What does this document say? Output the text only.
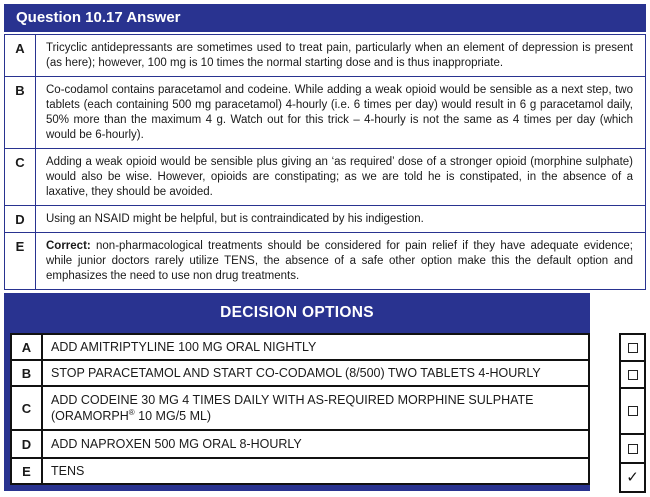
Question 10.17 Answer
A	Tricyclic antidepressants are sometimes used to treat pain, particularly when an element of depression is present (as here); however, 100 mg is 10 times the normal starting dose and is thus inappropriate.
B	Co-codamol contains paracetamol and codeine. While adding a weak opioid would be sensible as a next step, two tablets (each containing 500 mg paracetamol) 4-hourly (i.e. 6 times per day) would result in 6 g paracetamol daily, 50% more than the maximum 4 g. Watch out for this trick – 4-hourly is not the same as 4 times per day (which would be 6-hourly).
C	Adding a weak opioid would be sensible plus giving an ‘as required’ dose of a stronger opioid (morphine sulphate) would also be wise. However, opioids are constipating; as we are told he is constipated, in the absence of a laxative, they should be avoided.
D	Using an NSAID might be helpful, but is contraindicated by his indigestion.
E	Correct: non-pharmacological treatments should be considered for pain relief if they have adequate evidence; while junior doctors rarely utilize TENS, the absence of a safe other option make this the default option and emphasizes the need to use non drug treatments.
DECISION OPTIONS
A	ADD AMITRIPTYLINE 100 MG ORAL NIGHTLY
B	STOP PARACETAMOL AND START CO-CODAMOL (8/500) TWO TABLETS 4-HOURLY
C	ADD CODEINE 30 MG 4 TIMES DAILY WITH AS-REQUIRED MORPHINE SULPHATE (ORAMORPH® 10 MG/5 ML)
D	ADD NAPROXEN 500 MG ORAL 8-HOURLY
E	TENS	✓
